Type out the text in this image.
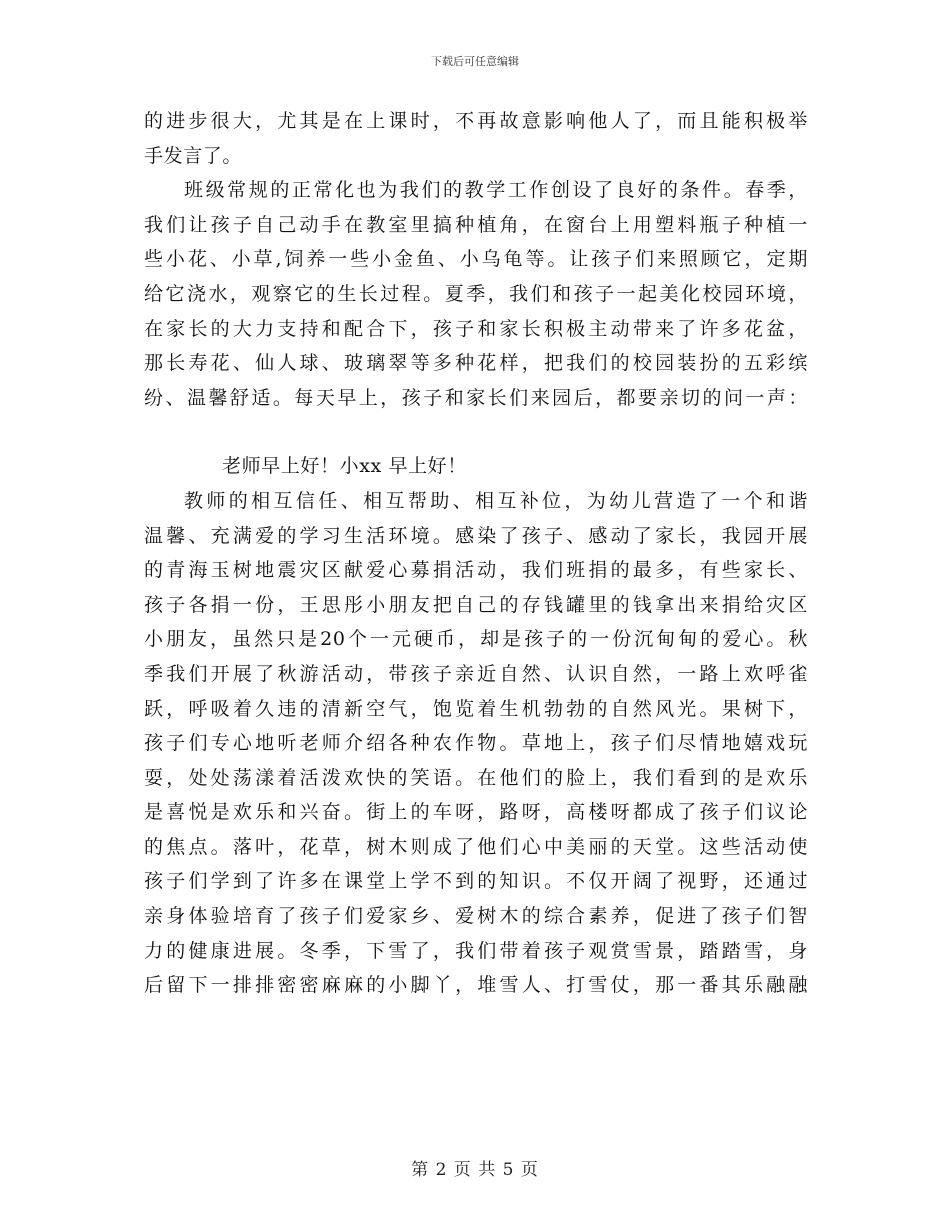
下载后可任意编辑
的进步很大，尤其是在上课时，不再故意影响他人了，而且能积极举
手发言了。
班级常规的正常化也为我们的教学工作创设了良好的条件。春季，
我们让孩子自己动手在教室里搞种植角，在窗台上用塑料瓶子种植一
些小花、小草,饲养一些小金鱼、小乌龟等。让孩子们来照顾它，定期
给它浇水，观察它的生长过程。夏季，我们和孩子一起美化校园环境，
在家长的大力支持和配合下，孩子和家长积极主动带来了许多花盆，
那长寿花、仙人球、玻璃翠等多种花样，把我们的校园装扮的五彩缤
纷、温馨舒适。每天早上，孩子和家长们来园后，都要亲切的问一声：
老师早上好！小xx 早上好！
教师的相互信任、相互帮助、相互补位，为幼儿营造了一个和谐
温馨、充满爱的学习生活环境。感染了孩子、感动了家长，我园开展
的青海玉树地震灾区献爱心募捐活动，我们班捐的最多，有些家长、
孩子各捐一份，王思彤小朋友把自己的存钱罐里的钱拿出来捐给灾区
小朋友，虽然只是20个一元硬币，却是孩子的一份沉甸甸的爱心。秋
季我们开展了秋游活动，带孩子亲近自然、认识自然，一路上欢呼雀
跃，呼吸着久违的清新空气，饱览着生机勃勃的自然风光。果树下，
孩子们专心地听老师介绍各种农作物。草地上，孩子们尽情地嬉戏玩
耍，处处荡漾着活泼欢快的笑语。在他们的脸上，我们看到的是欢乐
是喜悦是欢乐和兴奋。街上的车呀，路呀，高楼呀都成了孩子们议论
的焦点。落叶，花草，树木则成了他们心中美丽的天堂。这些活动使
孩子们学到了许多在课堂上学不到的知识。不仅开阔了视野，还通过
亲身体验培育了孩子们爱家乡、爱树木的综合素养，促进了孩子们智
力的健康进展。冬季，下雪了，我们带着孩子观赏雪景，踏踏雪，身
后留下一排排密密麻麻的小脚丫，堆雪人、打雪仗，那一番其乐融融
第 2 页 共 5 页
